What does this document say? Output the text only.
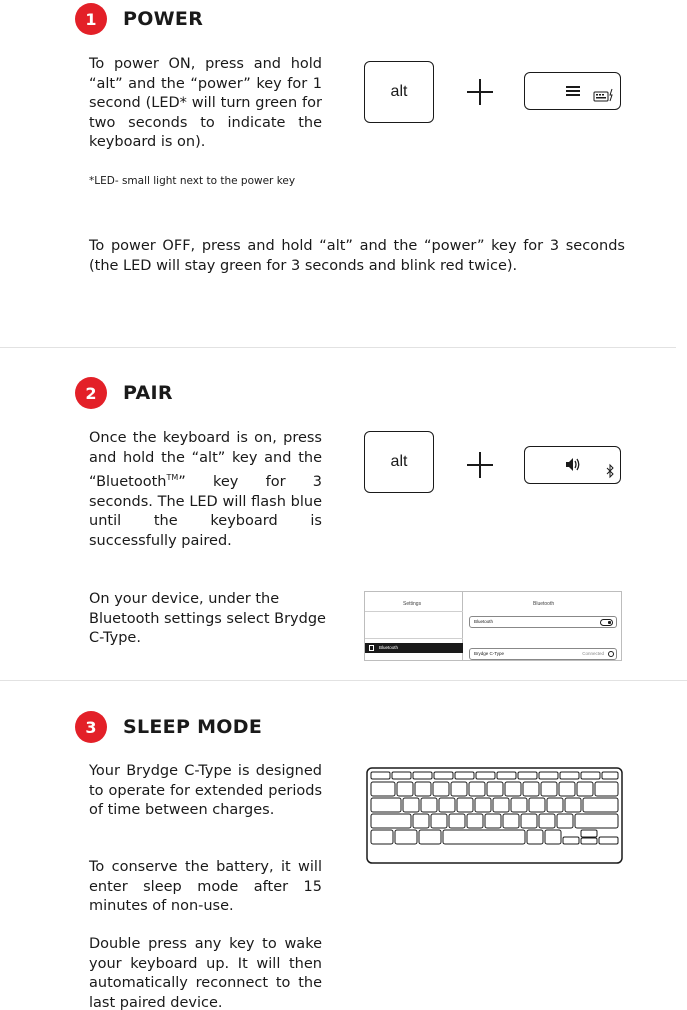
1	POWER

To power ON, press and hold “alt” and the “power” key for 1 second (LED* will turn green for two seconds to indicate the keyboard is on).

alt

*LED- small light next to the power key

To power OFF, press and hold “alt” and the “power” key for 3 seconds (the LED will stay green for 3 seconds and blink red twice).

2	PAIR

Once the keyboard is on, press and hold the “alt” key and the “Bluetooth™” key for 3 seconds. The LED will flash blue until the keyboard is successfully paired.

alt

On your device, under the Bluetooth settings select Brydge C-Type.

Settings
Bluetooth
Bluetooth
Bluetooth
Brydge C-Type	Connected
3	SLEEP MODE

Your Brydge C-Type is designed to operate for extended periods of time between charges.

To conserve the battery, it will enter sleep mode after 15 minutes of non-use.

Double press any key to wake your keyboard up. It will then automatically reconnect to the last paired device.
